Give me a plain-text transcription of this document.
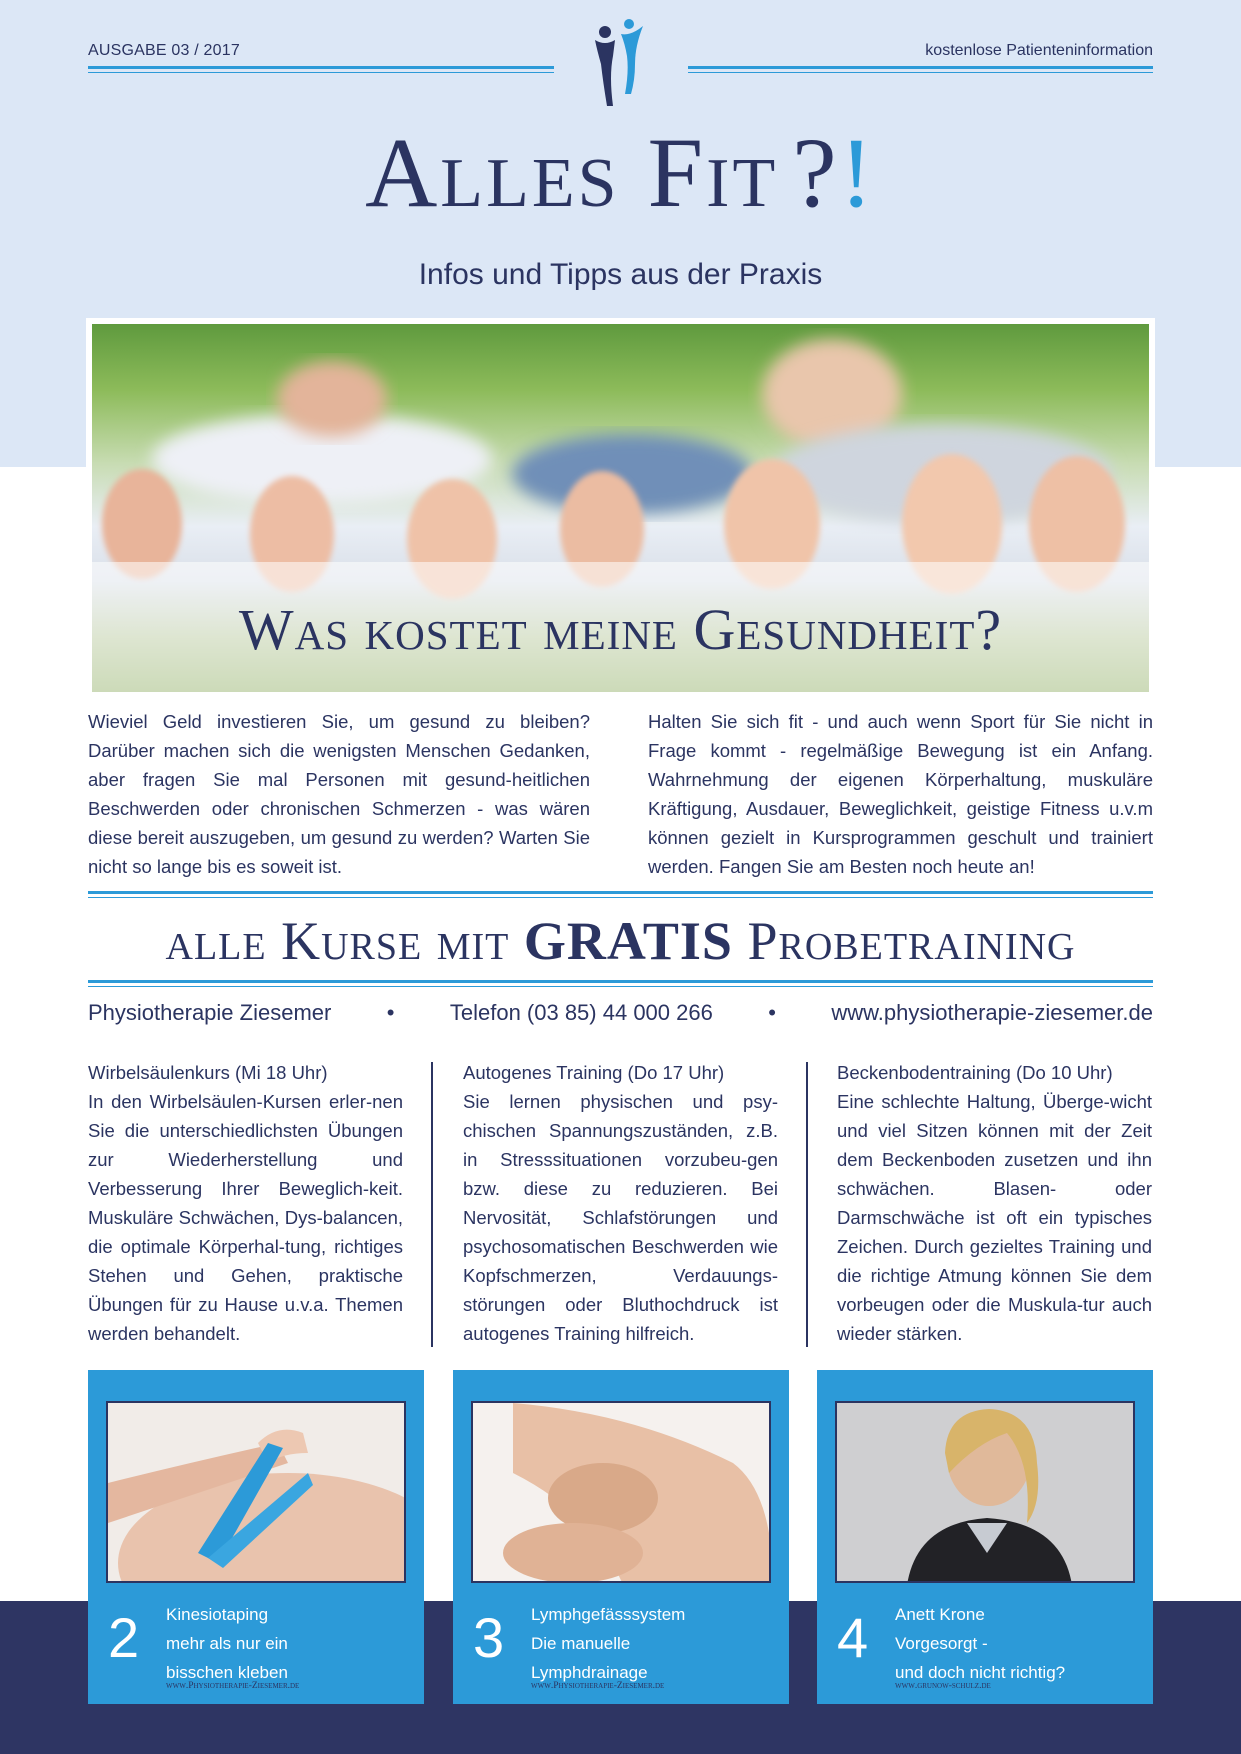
AUSGABE 03 / 2017	kostenlose Patienteninformation
Alles Fit ?!
Infos und Tipps aus der Praxis
Was kostet meine Gesundheit?
Wieviel Geld investieren Sie, um gesund zu bleiben? Darüber machen sich die wenigsten Menschen Gedanken, aber fragen Sie mal Personen mit gesund-heitlichen Beschwerden oder chronischen Schmerzen - was wären diese bereit auszugeben, um gesund zu werden? Warten Sie nicht so lange bis es soweit ist.
Halten Sie sich fit - und auch wenn Sport für Sie nicht in Frage kommt - regelmäßige Bewegung ist ein Anfang. Wahrnehmung der eigenen Körperhaltung, muskuläre Kräftigung, Ausdauer, Beweglichkeit, geistige Fitness u.v.m können gezielt in Kursprogrammen geschult und trainiert werden. Fangen Sie am Besten noch heute an!
alle Kurse mit GRATIS Probetraining
Physiotherapie Ziesemer	•	Telefon (03 85) 44 000 266	•	www.physiotherapie-ziesemer.de
Wirbelsäulenkurs (Mi 18 Uhr)
In den Wirbelsäulen-Kursen erler-nen Sie die unterschiedlichsten Übungen zur Wiederherstellung und Verbesserung Ihrer Beweglich-keit. Muskuläre Schwächen, Dys-balancen, die optimale Körperhal-tung, richtiges Stehen und Gehen, praktische Übungen für zu Hause u.v.a. Themen werden behandelt.
Autogenes Training (Do 17 Uhr)
Sie lernen physischen und psy-chischen Spannungszuständen, z.B. in Stresssituationen vorzubeu-gen bzw. diese zu reduzieren. Bei Nervosität, Schlafstörungen und psychosomatischen Beschwerden wie Kopfschmerzen, Verdauungs-störungen oder Bluthochdruck ist autogenes Training hilfreich.
Beckenbodentraining (Do 10 Uhr)
Eine schlechte Haltung, Überge-wicht und viel Sitzen können mit der Zeit dem Beckenboden zusetzen und ihn schwächen. Blasen- oder Darmschwäche ist oft ein typisches Zeichen. Durch gezieltes Training und die richtige Atmung können Sie dem vorbeugen oder die Muskula-tur auch wieder stärken.
2 Kinesiotaping
mehr als nur ein
bisschen kleben
www.Physiotherapie-Ziesemer.de
3 Lymphgefässsystem
Die manuelle
Lymphdrainage
www.Physiotherapie-Ziesemer.de
4 Anett Krone
Vorgesorgt -
und doch nicht richtig?
www.grunow-schulz.de
